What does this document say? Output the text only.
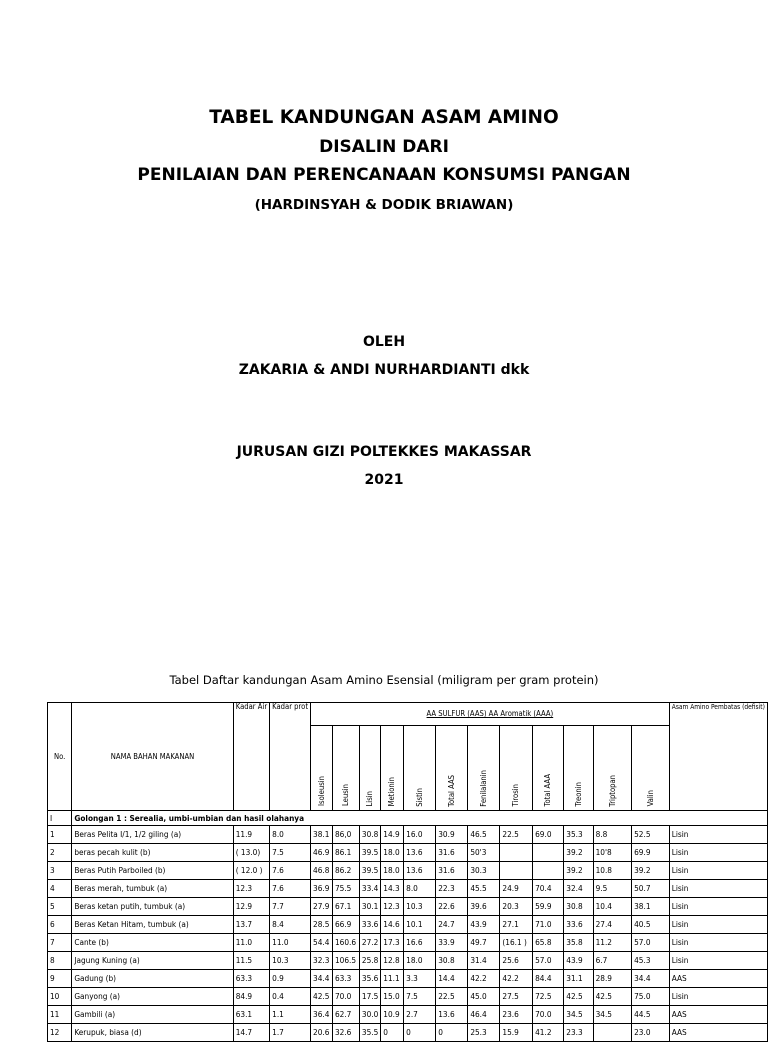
TABEL KANDUNGAN ASAM AMINO
DISALIN DARI
PENILAIAN DAN PERENCANAAN KONSUMSI PANGAN
(HARDINSYAH & DODIK BRIAWAN)
OLEH
ZAKARIA & ANDI NURHARDIANTI dkk
JURUSAN GIZI POLTEKKES MAKASSAR
2021
Tabel Daftar kandungan Asam Amino Esensial (miligram per gram protein)
No.	NAMA BAHAN MAKANAN	Kadar Air	Kadar prot	AA SULFUR (AAS) AA Aromatik (AAA)												Asam Amino Pembatas (defisit)
				Isoleusin	Leusin	Lisin	Metionin	Sistin	Total AAS	Fenilalanin	Tirosin	Total AAA	Treonin	Triptopan	Valin	
I	Golongan 1 : Serealia, umbi-umbian dan hasil olahanya															
1	Beras Pelita I/1, 1/2 giling (a)	11.9	8.0	38.1	86,0	30.8	14.9	16.0	30.9	46.5	22.5	69.0	35.3	8.8	52.5	Lisin
2	beras pecah kulit (b)	( 13.0)	7.5	46.9	86.1	39.5	18.0	13.6	31.6	50'3			39.2	10'8	69.9	Lisin
3	Beras Putih Parboiled (b)	( 12.0 )	7.6	46.8	86.2	39.5	18.0	13.6	31.6	30.3			39.2	10.8	39.2	Lisin
4	Beras merah, tumbuk (a)	12.3	7.6	36.9	75.5	33.4	14.3	8.0	22.3	45.5	24.9	70.4	32.4	9.5	50.7	Lisin
5	Beras ketan putih, tumbuk (a)	12.9	7.7	27.9	67.1	30.1	12.3	10.3	22.6	39.6	20.3	59.9	30.8	10.4	38.1	Lisin
6	Beras Ketan Hitam, tumbuk (a)	13.7	8.4	28.5	66.9	33.6	14.6	10.1	24.7	43.9	27.1	71.0	33.6	27.4	40.5	Lisin
7	Cante (b)	11.0	11.0	54.4	160.6	27.2	17.3	16.6	33.9	49.7	(16.1 )	65.8	35.8	11.2	57.0	Lisin
8	Jagung Kuning (a)	11.5	10.3	32.3	106.5	25.8	12.8	18.0	30.8	31.4	25.6	57.0	43.9	6.7	45.3	Lisin
9	Gadung (b)	63.3	0.9	34.4	63.3	35.6	11.1	3.3	14.4	42.2	42.2	84.4	31.1	28.9	34.4	AAS
10	Ganyong (a)	84.9	0.4	42.5	70.0	17.5	15.0	7.5	22.5	45.0	27.5	72.5	42.5	42.5	75.0	Lisin
11	Gambili (a)	63.1	1.1	36.4	62.7	30.0	10.9	2.7	13.6	46.4	23.6	70.0	34.5	34.5	44.5	AAS
12	Kerupuk, biasa (d)	14.7	1.7	20.6	32.6	35.5	0	0	0	25.3	15.9	41.2	23.3		23.0	AAS
